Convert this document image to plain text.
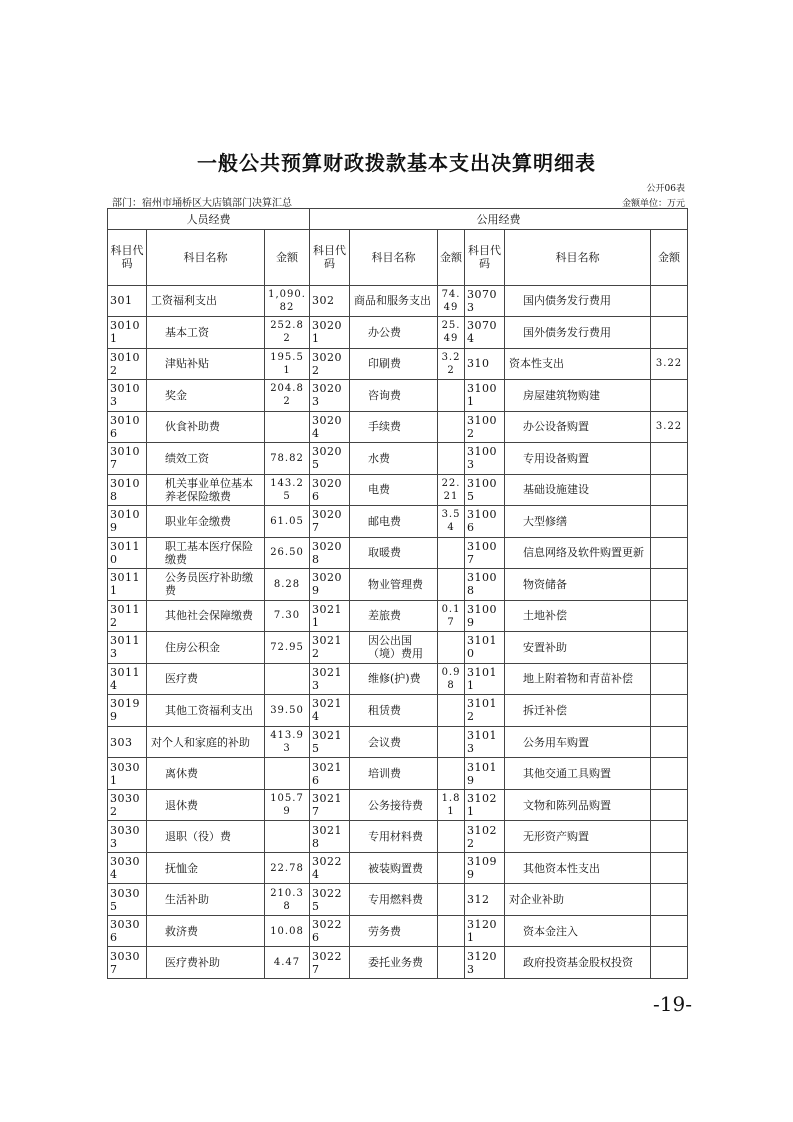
一般公共预算财政拨款基本支出决算明细表
公开06表
部门：宿州市埇桥区大店镇部门决算汇总	金额单位：万元
人员经费			公用经费					
科目代码	科目名称	金额	科目代码	科目名称	金额	科目代码	科目名称	金额
301	工资福利支出	1,090.82	302	商品和服务支出	74.49	30703	国内债务发行费用	
30101	基本工资	252.82	30201	办公费	25.49	30704	国外债务发行费用	
30102	津贴补贴	195.51	30202	印刷费	3.22	310	资本性支出	3.22
30103	奖金	204.82	30203	咨询费		31001	房屋建筑物购建	
30106	伙食补助费		30204	手续费		31002	办公设备购置	3.22
30107	绩效工资	78.82	30205	水费		31003	专用设备购置	
30108	机关事业单位基本养老保险缴费	143.25	30206	电费	22.21	31005	基础设施建设	
30109	职业年金缴费	61.05	30207	邮电费	3.54	31006	大型修缮	
30110	职工基本医疗保险缴费	26.50	30208	取暖费		31007	信息网络及软件购置更新	
30111	公务员医疗补助缴费	8.28	30209	物业管理费		31008	物资储备	
30112	其他社会保障缴费	7.30	30211	差旅费	0.17	31009	土地补偿	
30113	住房公积金	72.95	30212	因公出国（境）费用		31010	安置补助	
30114	医疗费		30213	维修(护)费	0.98	31011	地上附着物和青苗补偿	
30199	其他工资福利支出	39.50	30214	租赁费		31012	拆迁补偿	
303	对个人和家庭的补助	413.93	30215	会议费		31013	公务用车购置	
30301	离休费		30216	培训费		31019	其他交通工具购置	
30302	退休费	105.79	30217	公务接待费	1.81	31021	文物和陈列品购置	
30303	退职（役）费		30218	专用材料费		31022	无形资产购置	
30304	抚恤金	22.78	30224	被装购置费		31099	其他资本性支出	
30305	生活补助	210.38	30225	专用燃料费		312	对企业补助	
30306	救济费	10.08	30226	劳务费		31201	资本金注入	
30307	医疗费补助	4.47	30227	委托业务费		31203	政府投资基金股权投资	
-19-
